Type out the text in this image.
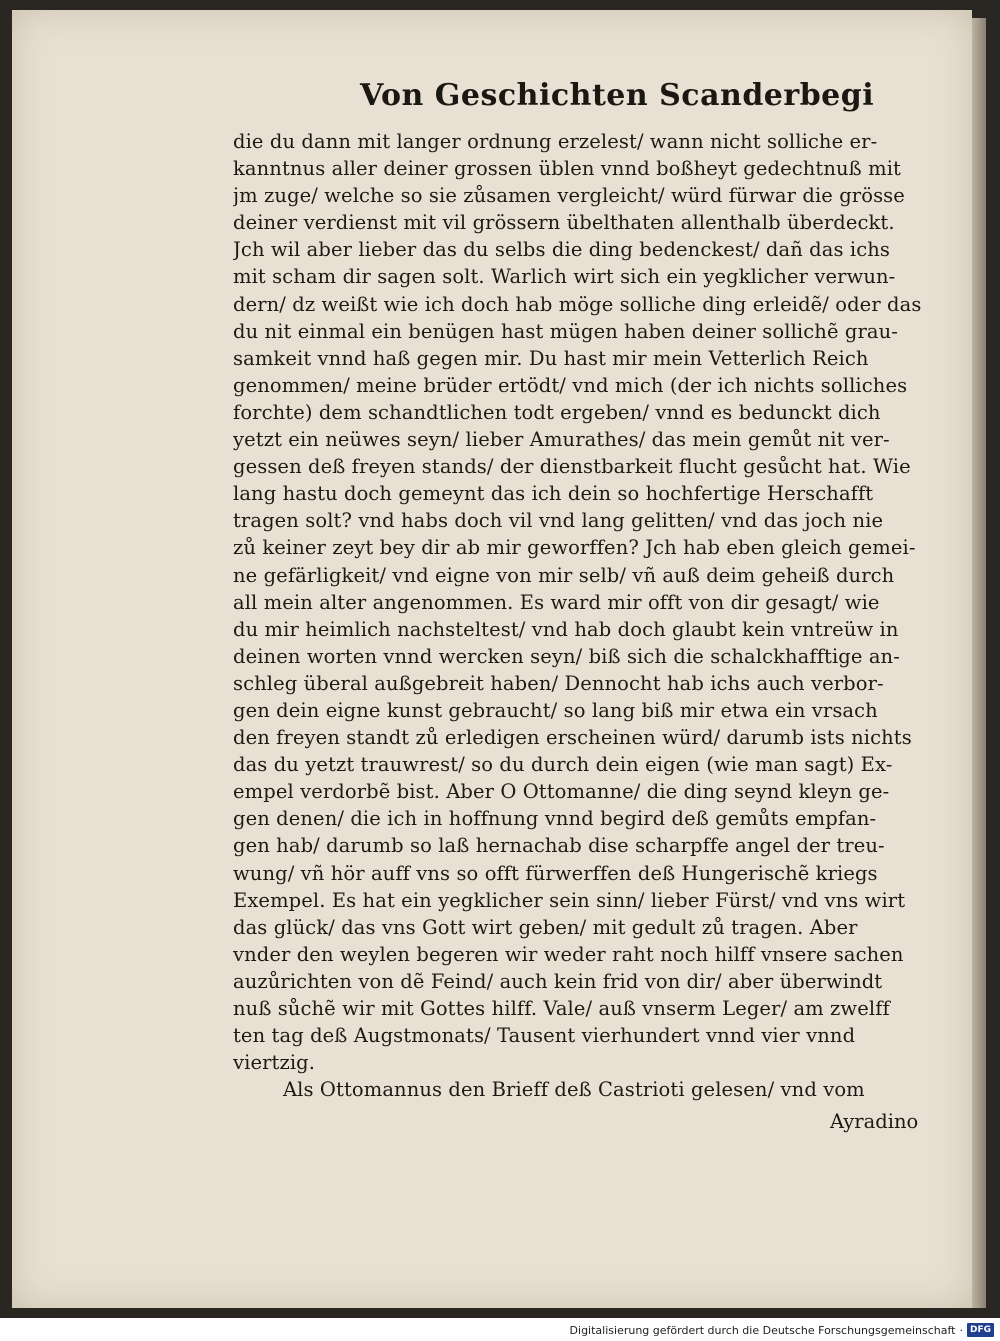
Von Geschichten Scanderbegi
die du dann mit langer ordnung erzelest/ wann nicht solliche er-
kanntnus aller deiner grossen üblen vnnd boßheyt gedechtnuß mit
jm zuge/ welche so sie zůsamen vergleicht/ würd fürwar die grösse
deiner verdienst mit vil grössern übelthaten allenthalb überdeckt.
Jch wil aber lieber das du selbs die ding bedenckest/ dañ das ichs
mit scham dir sagen solt. Warlich wirt sich ein yegklicher verwun-
dern/ dz weißt wie ich doch hab möge solliche ding erleidẽ/ oder das
du nit einmal ein benügen hast mügen haben deiner sollichẽ grau-
samkeit vnnd haß gegen mir. Du hast mir mein Vetterlich Reich
genommen/ meine brüder ertödt/ vnd mich (der ich nichts solliches
forchte) dem schandtlichen todt ergeben/ vnnd es bedunckt dich
yetzt ein neüwes seyn/ lieber Amurathes/ das mein gemůt nit ver-
gessen deß freyen stands/ der dienstbarkeit flucht gesůcht hat. Wie
lang hastu doch gemeynt das ich dein so hochfertige Herschafft
tragen solt? vnd habs doch vil vnd lang gelitten/ vnd das joch nie
zů keiner zeyt bey dir ab mir geworffen? Jch hab eben gleich gemei-
ne gefärligkeit/ vnd eigne von mir selb/ vñ auß deim geheiß durch
all mein alter angenommen. Es ward mir offt von dir gesagt/ wie
du mir heimlich nachsteltest/ vnd hab doch glaubt kein vntreüw in
deinen worten vnnd wercken seyn/ biß sich die schalckhafftige an-
schleg überal außgebreit haben/ Dennocht hab ichs auch verbor-
gen dein eigne kunst gebraucht/ so lang biß mir etwa ein vrsach
den freyen standt zů erledigen erscheinen würd/ darumb ists nichts
das du yetzt trauwrest/ so du durch dein eigen (wie man sagt) Ex-
empel verdorbẽ bist. Aber O Ottomanne/ die ding seynd kleyn ge-
gen denen/ die ich in hoffnung vnnd begird deß gemůts empfan-
gen hab/ darumb so laß hernachab dise scharpffe angel der treu-
wung/ vñ hör auff vns so offt fürwerffen deß Hungerischẽ kriegs
Exempel. Es hat ein yegklicher sein sinn/ lieber Fürst/ vnd vns wirt
das glück/ das vns Gott wirt geben/ mit gedult zů tragen. Aber
vnder den weylen begeren wir weder raht noch hilff vnsere sachen
auzůrichten von dẽ Feind/ auch kein frid von dir/ aber überwindt
nuß sůchẽ wir mit Gottes hilff. Vale/ auß vnserm Leger/ am zwelff
ten tag deß Augstmonats/ Tausent vierhundert vnnd vier vnnd
viertzig.
Als Ottomannus den Brieff deß Castrioti gelesen/ vnd vom
Ayradino
Digitalisierung gefördert durch die Deutsche Forschungsgemeinschaft · DFG
